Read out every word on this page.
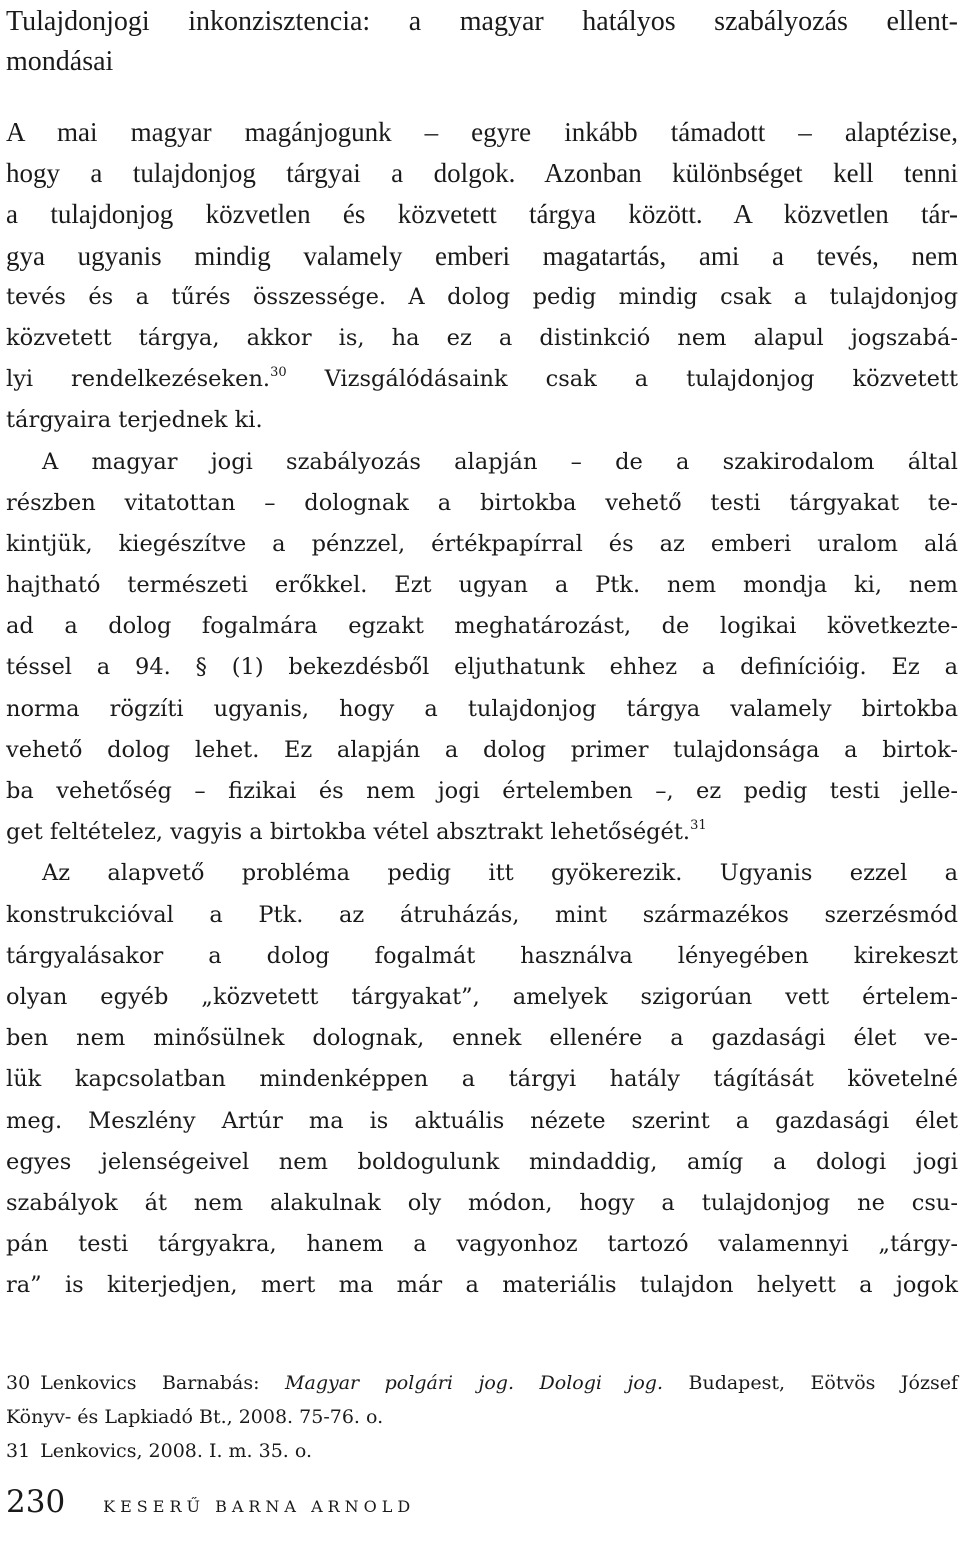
Tulajdonjogi inkonzisztencia: a magyar hatályos szabályozás ellent-
mondásai
A mai magyar magánjogunk – egyre inkább támadott – alaptézise,
hogy a tulajdonjog tárgyai a dolgok. Azonban különbséget kell tenni
a tulajdonjog közvetlen és közvetett tárgya között. A közvetlen tár-
gya ugyanis mindig valamely emberi magatartás, ami a tevés, nem
tevés és a tűrés összessége. A dolog pedig mindig csak a tulajdonjog
közvetett tárgya, akkor is, ha ez a distinkció nem alapul jogszabá-
lyi rendelkezéseken.$^{30}$ Vizsgálódásaink csak a tulajdonjog közvetett
tárgyaira terjednek ki.
A magyar jogi szabályozás alapján – de a szakirodalom által
részben vitatottan – dolognak a birtokba vehető testi tárgyakat te-
kintjük, kiegészítve a pénzzel, értékpapírral és az emberi uralom alá
hajtható természeti erőkkel. Ezt ugyan a Ptk. nem mondja ki, nem
ad a dolog fogalmára egzakt meghatározást, de logikai következte-
téssel a 94. § (1) bekezdésből eljuthatunk ehhez a definícióig. Ez a
norma rögzíti ugyanis, hogy a tulajdonjog tárgya valamely birtokba
vehető dolog lehet. Ez alapján a dolog primer tulajdonsága a birtok-
ba vehetőség – fizikai és nem jogi értelemben –, ez pedig testi jelle-
get feltételez, vagyis a birtokba vétel absztrakt lehetőségét.$^{31}$
Az alapvető probléma pedig itt gyökerezik. Ugyanis ezzel a
konstrukcióval a Ptk. az átruházás, mint származékos szerzésmód
tárgyalásakor a dolog fogalmát használva lényegében kirekeszt
olyan egyéb „közvetett tárgyakat”, amelyek szigorúan vett értelem-
ben nem minősülnek dolognak, ennek ellenére a gazdasági élet ve-
lük kapcsolatban mindenképpen a tárgyi hatály tágítását követelné
meg. Meszlény Artúr ma is aktuális nézete szerint a gazdasági élet
egyes jelenségeivel nem boldogulunk mindaddig, amíg a dologi jogi
szabályok át nem alakulnak oly módon, hogy a tulajdonjog ne csu-
pán testi tárgyakra, hanem a vagyonhoz tartozó valamennyi „tárgy-
ra” is kiterjedjen, mert ma már a materiális tulajdon helyett a jogok
30 Lenkovics Barnabás: Magyar polgári jog. Dologi jog. Budapest, Eötvös József
Könyv- és Lapkiadó Bt., 2008. 75-76. o.
31 Lenkovics, 2008. I. m. 35. o.
230 KESERŰ BARNA ARNOLD
